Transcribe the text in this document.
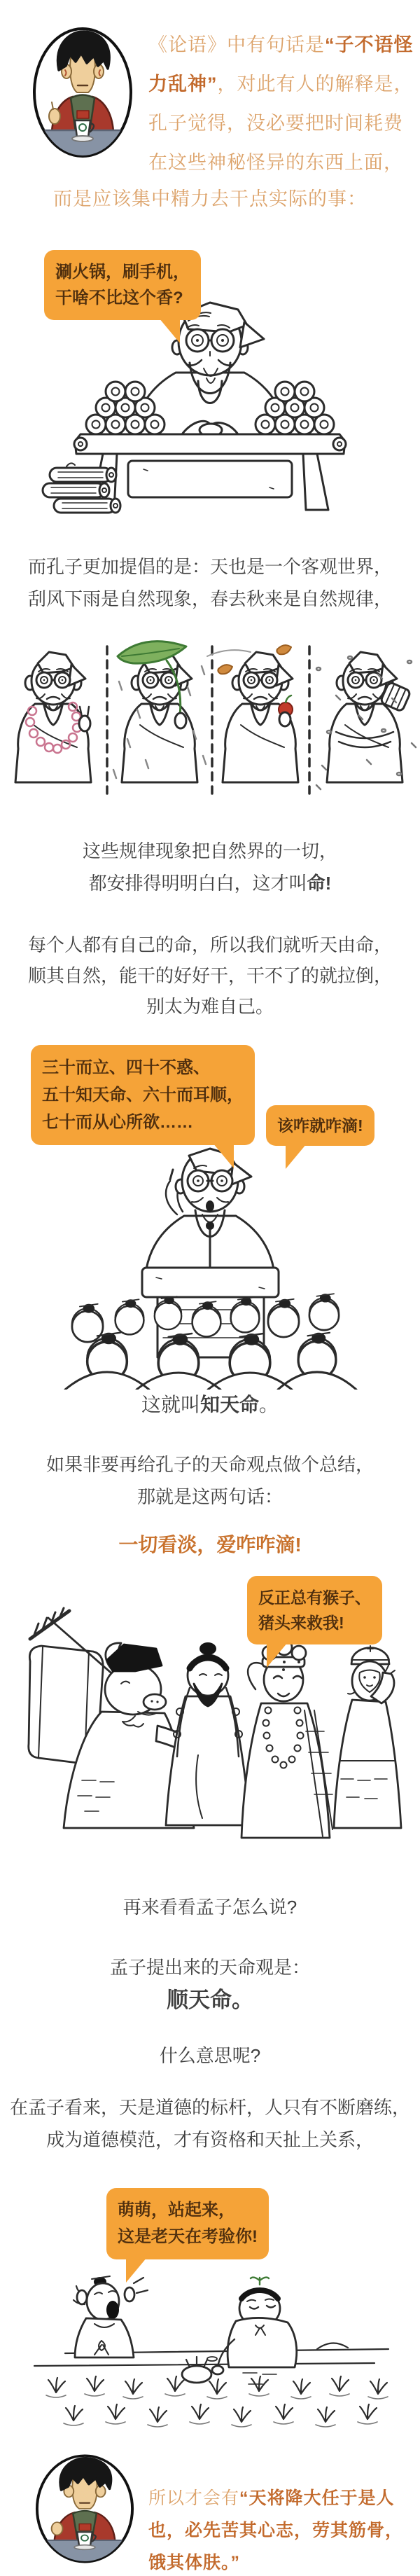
《论语》中有句话是“子不语怪力乱神”，对此有人的解释是，孔子觉得，没必要把时间耗费在这些神秘怪异的东西上面，
而是应该集中精力去干点实际的事：
涮火锅，刷手机，
干啥不比这个香?
而孔子更加提倡的是：天也是一个客观世界，
刮风下雨是自然现象，春去秋来是自然规律，
这些规律现象把自然界的一切，
都安排得明明白白，这才叫命!
每个人都有自己的命，所以我们就听天由命，
顺其自然，能干的好好干，干不了的就拉倒，
别太为难自己。
三十而立、四十不惑、
五十知天命、六十而耳顺，
七十而从心所欲……	该咋就咋滴!
这就叫知天命。
如果非要再给孔子的天命观点做个总结，
那就是这两句话：
一切看淡，爱咋咋滴!
反正总有猴子、
猪头来救我!
再来看看孟子怎么说?
孟子提出来的天命观是：
顺天命。
什么意思呢?
在孟子看来，天是道德的标杆，人只有不断磨练，
成为道德模范，才有资格和天扯上关系，
萌萌，站起来，
这是老天在考验你!
所以才会有“天将降大任于是人也，必先苦其心志，劳其筋骨，饿其体肤。”
